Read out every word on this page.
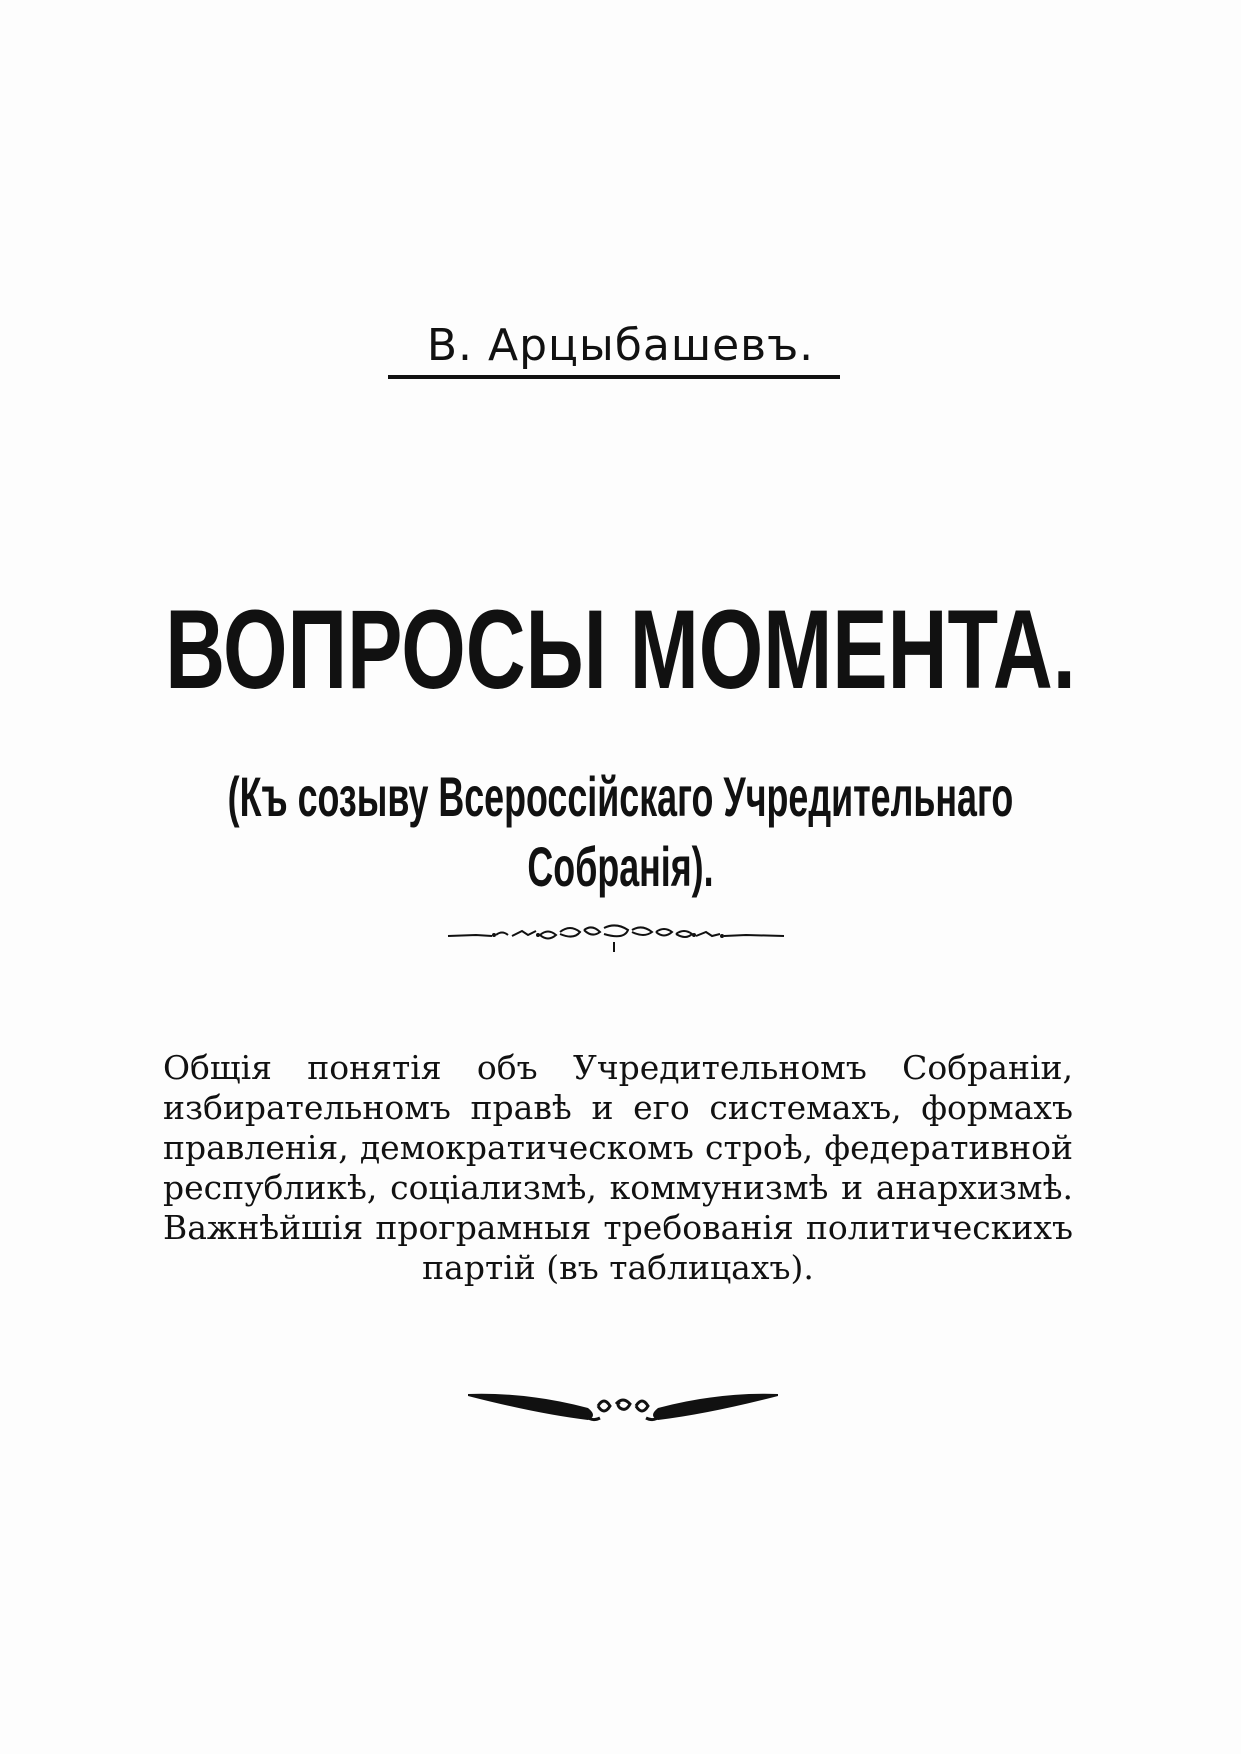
В. Арцыбашевъ.
ВОПРОСЫ МОМЕНТА.
(Къ созыву Всероссійскаго Учредительнаго Собранія).
Общія понятія объ Учредительномъ Собраніи, избирательномъ правѣ и его системахъ, формахъ правленія, демократическомъ строѣ, федеративной республикѣ, соціализмѣ, коммунизмѣ и анархизмѣ. Важнѣйшія програмныя требованія политическихъ партій (въ таблицахъ).
